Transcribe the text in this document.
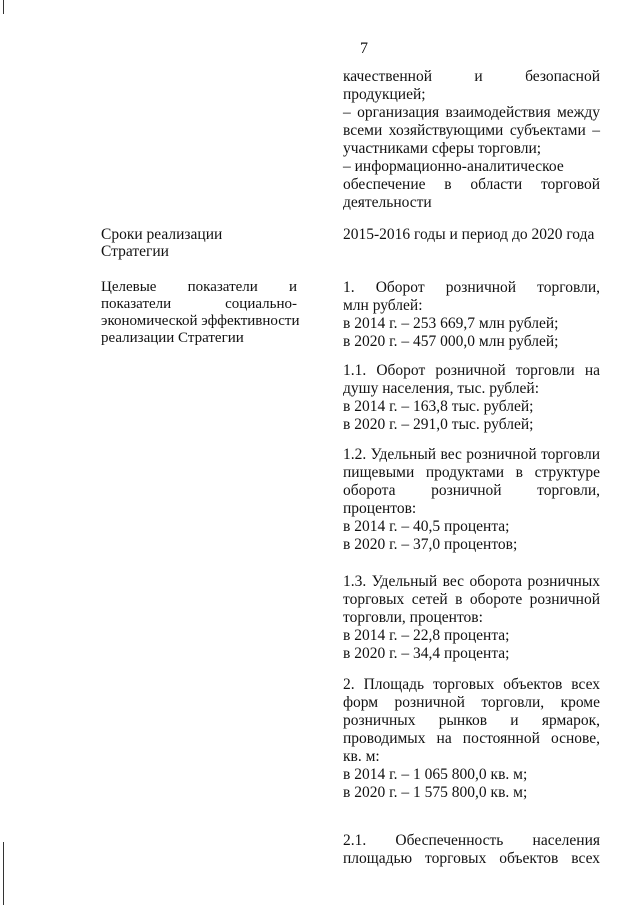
7
качественной и безопасной
продукцией;
– организация взаимодействия между
всеми хозяйствующими субъектами –
участниками сферы торговли;
– информационно-аналитическое
обеспечение в области торговой
деятельности
Сроки реализации
Стратегии
2015-2016 годы и период до 2020 года
Целевые показатели и
показатели социально-
экономической эффективности
реализации Стратегии
1. Оборот розничной торговли,
млн рублей:
в 2014 г. – 253 669,7 млн рублей;
в 2020 г. – 457 000,0 млн рублей;
1.1. Оборот розничной торговли на
душу населения, тыс. рублей:
в 2014 г. – 163,8 тыс. рублей;
в 2020 г. – 291,0 тыс. рублей;
1.2. Удельный вес розничной торговли
пищевыми продуктами в структуре
оборота розничной торговли,
процентов:
в 2014 г. – 40,5 процента;
в 2020 г. – 37,0 процентов;
1.3. Удельный вес оборота розничных
торговых сетей в обороте розничной
торговли, процентов:
в 2014 г. – 22,8 процента;
в 2020 г. – 34,4 процента;
2. Площадь торговых объектов всех
форм розничной торговли, кроме
розничных рынков и ярмарок,
проводимых на постоянной основе,
кв. м:
в 2014 г. – 1 065 800,0 кв. м;
в 2020 г. – 1 575 800,0 кв. м;
2.1. Обеспеченность населения
площадью торговых объектов всех
